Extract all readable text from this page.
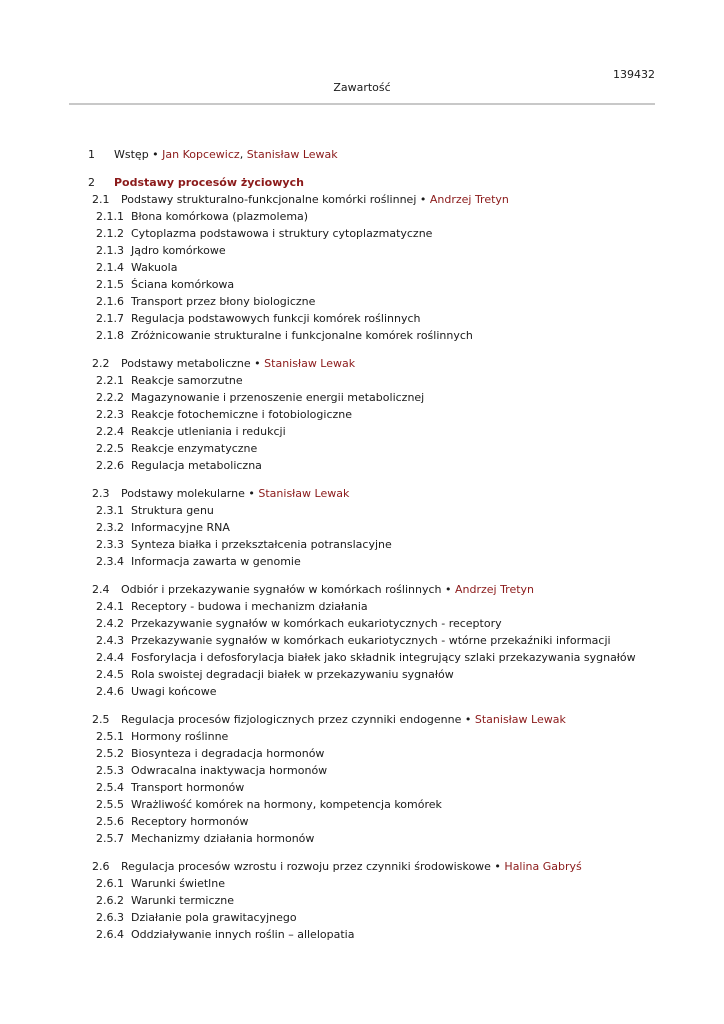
139432
Zawartość
1 Wstęp • Jan Kopcewicz, Stanisław Lewak
2 Podstawy procesów życiowych
2.1 Podstawy strukturalno-funkcjonalne komórki roślinnej • Andrzej Tretyn
2.1.1 Błona komórkowa (plazmolema)
2.1.2 Cytoplazma podstawowa i struktury cytoplazmatyczne
2.1.3 Jądro komórkowe
2.1.4 Wakuola
2.1.5 Ściana komórkowa
2.1.6 Transport przez błony biologiczne
2.1.7 Regulacja podstawowych funkcji komórek roślinnych
2.1.8 Zróżnicowanie strukturalne i funkcjonalne komórek roślinnych
2.2 Podstawy metaboliczne • Stanisław Lewak
2.2.1 Reakcje samorzutne
2.2.2 Magazynowanie i przenoszenie energii metabolicznej
2.2.3 Reakcje fotochemiczne i fotobiologiczne
2.2.4 Reakcje utleniania i redukcji
2.2.5 Reakcje enzymatyczne
2.2.6 Regulacja metaboliczna
2.3 Podstawy molekularne • Stanisław Lewak
2.3.1 Struktura genu
2.3.2 Informacyjne RNA
2.3.3 Synteza białka i przekształcenia potranslacyjne
2.3.4 Informacja zawarta w genomie
2.4 Odbiór i przekazywanie sygnałów w komórkach roślinnych • Andrzej Tretyn
2.4.1 Receptory - budowa i mechanizm działania
2.4.2 Przekazywanie sygnałów w komórkach eukariotycznych - receptory
2.4.3 Przekazywanie sygnałów w komórkach eukariotycznych - wtórne przekaźniki informacji
2.4.4 Fosforylacja i defosforylacja białek jako składnik integrujący szlaki przekazywania sygnałów
2.4.5 Rola swoistej degradacji białek w przekazywaniu sygnałów
2.4.6 Uwagi końcowe
2.5 Regulacja procesów fizjologicznych przez czynniki endogenne • Stanisław Lewak
2.5.1 Hormony roślinne
2.5.2 Biosynteza i degradacja hormonów
2.5.3 Odwracalna inaktywacja hormonów
2.5.4 Transport hormonów
2.5.5 Wrażliwość komórek na hormony, kompetencja komórek
2.5.6 Receptory hormonów
2.5.7 Mechanizmy działania hormonów
2.6 Regulacja procesów wzrostu i rozwoju przez czynniki środowiskowe • Halina Gabryś
2.6.1 Warunki świetlne
2.6.2 Warunki termiczne
2.6.3 Działanie pola grawitacyjnego
2.6.4 Oddziaływanie innych roślin – allelopatia
